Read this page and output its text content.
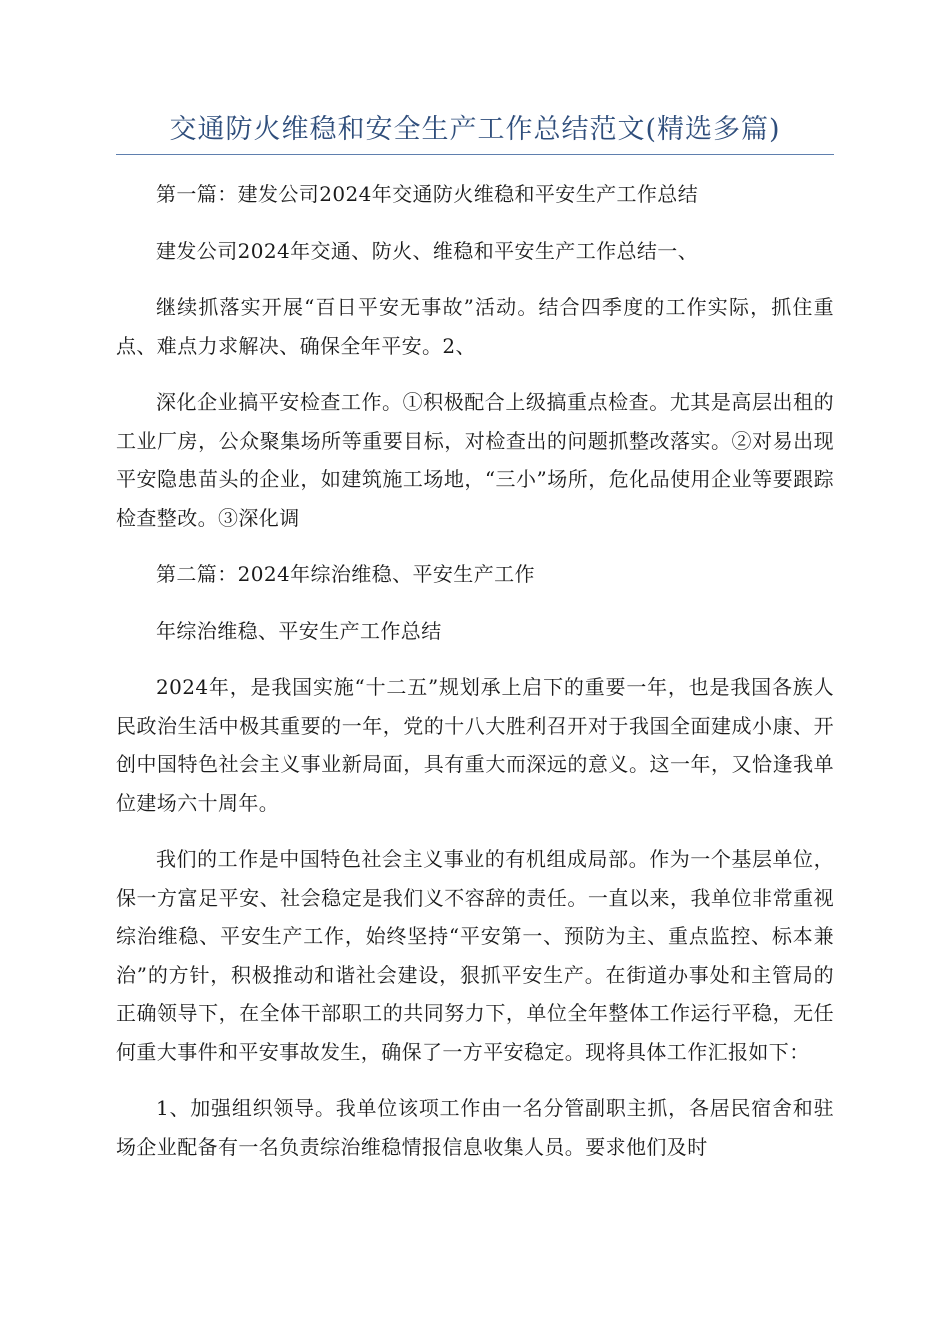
交通防火维稳和安全生产工作总结范文(精选多篇)

第一篇：建发公司2024年交通防火维稳和平安生产工作总结

建发公司2024年交通、防火、维稳和平安生产工作总结一、

继续抓落实开展“百日平安无事故”活动。结合四季度的工作实际，抓住重点、难点力求解决、确保全年平安。2、

深化企业搞平安检查工作。①积极配合上级搞重点检查。尤其是高层出租的工业厂房，公众聚集场所等重要目标，对检查出的问题抓整改落实。②对易出现平安隐患苗头的企业，如建筑施工场地，“三小”场所，危化品使用企业等要跟踪检查整改。③深化调

第二篇：2024年综治维稳、平安生产工作

年综治维稳、平安生产工作总结

2024年，是我国实施“十二五”规划承上启下的重要一年，也是我国各族人民政治生活中极其重要的一年，党的十八大胜利召开对于我国全面建成小康、开创中国特色社会主义事业新局面，具有重大而深远的意义。这一年，又恰逢我单位建场六十周年。

我们的工作是中国特色社会主义事业的有机组成局部。作为一个基层单位，保一方富足平安、社会稳定是我们义不容辞的责任。一直以来，我单位非常重视综治维稳、平安生产工作，始终坚持“平安第一、预防为主、重点监控、标本兼治”的方针，积极推动和谐社会建设，狠抓平安生产。在街道办事处和主管局的正确领导下，在全体干部职工的共同努力下，单位全年整体工作运行平稳，无任何重大事件和平安事故发生，确保了一方平安稳定。现将具体工作汇报如下：

1、加强组织领导。我单位该项工作由一名分管副职主抓，各居民宿舍和驻场企业配备有一名负责综治维稳情报信息收集人员。要求他们及时
